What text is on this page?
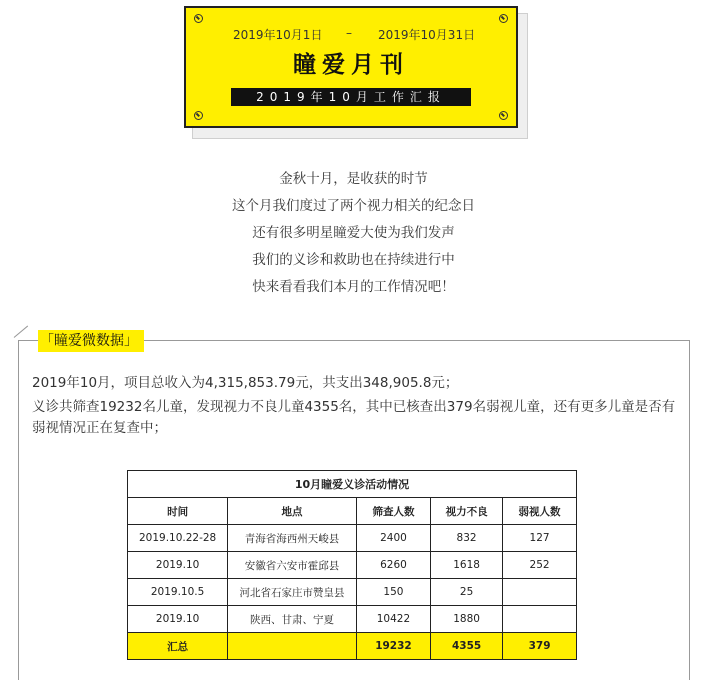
2019年10月1日 – 2019年10月31日
瞳爱月刊
2019年10月工作汇报
金秋十月，是收获的时节
这个月我们度过了两个视力相关的纪念日
还有很多明星瞳爱大使为我们发声
我们的义诊和救助也在持续进行中
快来看看我们本月的工作情况吧！
「瞳爱微数据」
2019年10月，项目总收入为4,315,853.79元，共支出348,905.8元；
义诊共筛查19232名儿童，发现视力不良儿童4355名，其中已核查出379名弱视儿童，还有更多儿童是否有弱视情况正在复查中；
10月瞳爱义诊活动情况				
时间	地点	筛查人数	视力不良	弱视人数
2019.10.22-28	青海省海西州天峻县	2400	832	127
2019.10	安徽省六安市霍邱县	6260	1618	252
2019.10.5	河北省石家庄市赞皇县	150	25	
2019.10	陕西、甘肃、宁夏	10422	1880	
汇总		19232	4355	379
